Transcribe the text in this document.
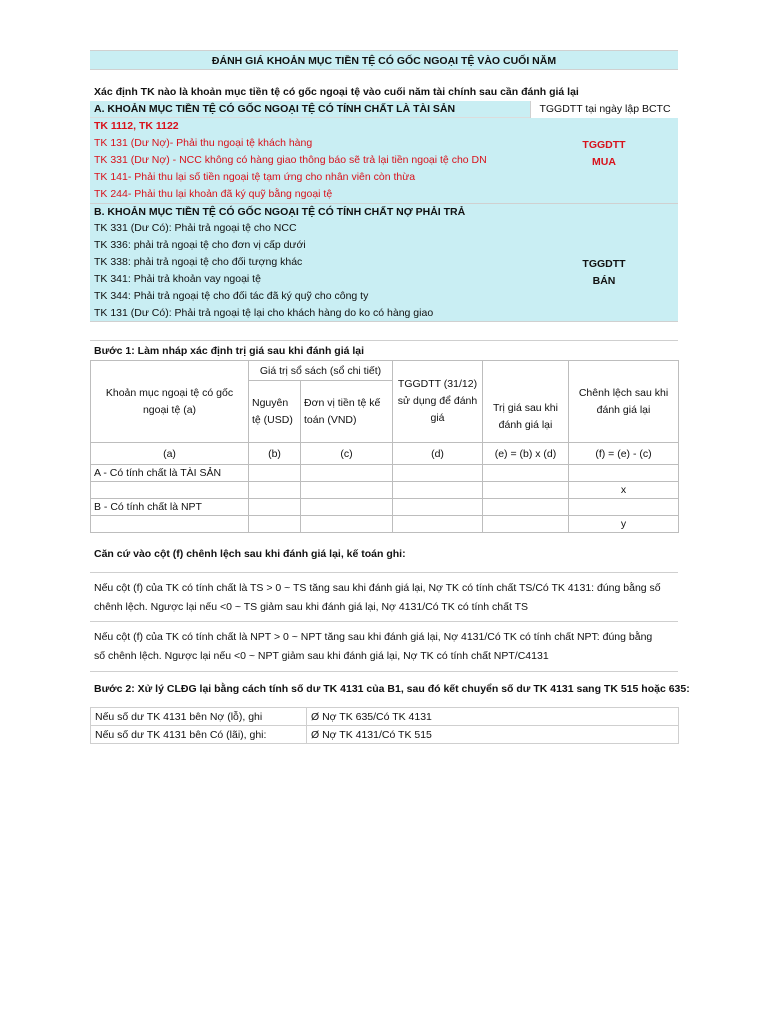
ĐÁNH GIÁ KHOẢN MỤC TIỀN TỆ CÓ GỐC NGOẠI TỆ VÀO CUỐI NĂM
Xác định TK nào là khoản mục tiền tệ có gốc ngoại tệ vào cuối năm tài chính sau cần đánh giá lại
A. KHOẢN MỤC TIỀN TỆ CÓ GỐC NGOẠI TỆ CÓ TÍNH CHẤT LÀ TÀI SẢN	TGGDTT tại ngày lập BCTC
TK 1112, TK 1122
TK 131 (Dư Nợ)- Phải thu ngoại tệ khách hàng
TK 331 (Dư Nợ) - NCC không có hàng giao thông báo sẽ trả lại tiền ngoại tệ cho DN
TK 141- Phải thu lại số tiền ngoại tệ tạm ứng cho nhân viên còn thừa
TK 244- Phải thu lại khoản đã ký quỹ bằng ngoại tệ
TGGDTT
MUA
B. KHOẢN MỤC TIỀN TỆ CÓ GỐC NGOẠI TỆ CÓ TÍNH CHẤT NỢ PHẢI TRẢ
TK 331 (Dư Có): Phải trả ngoại tệ cho NCC
TK 336: phải trả ngoại tệ cho đơn vị cấp dưới
TK 338: phải trả ngoại tệ cho đối tượng khác
TK 341: Phải trả khoản vay ngoại tệ
TK 344: Phải trả ngoại tệ cho đối tác đã ký quỹ cho công ty
TK 131 (Dư Có): Phải trả ngoại tệ lại cho khách hàng do ko có hàng giao
TGGDTT
BÁN
Bước 1: Làm nháp xác định trị giá sau khi đánh giá lại
Khoản mục ngoại tệ có gốc ngoại tệ (a)	Giá trị sổ sách (sổ chi tiết)		TGGDTT (31/12) sử dụng để đánh giá	Trị giá sau khi đánh giá lại	Chênh lệch sau khi đánh giá lại
	Nguyên tệ (USD)	Đơn vị tiền tệ kế toán (VND)			
(a)	(b)	(c)	(d)	(e) = (b) x (d)	(f) = (e) - (c)
A - Có tính chất là TÀI SẢN					
					x
B - Có tính chất là NPT					
					y
Căn cứ vào cột (f) chênh lệch sau khi đánh giá lại, kế toán ghi:
Nếu cột (f) của TK có tính chất là TS > 0 ~ TS tăng sau khi đánh giá lại, Nợ TK có tính chất TS/Có TK 4131: đúng bằng số
chênh lệch. Ngược lại nếu <0 ~ TS giảm sau khi đánh giá lại, Nợ 4131/Có TK có tính chất TS
Nếu cột (f) của TK có tính chất là NPT > 0 ~ NPT tăng sau khi đánh giá lại, Nợ 4131/Có TK có tính chất NPT: đúng bằng
số chênh lệch. Ngược lại nếu <0 ~ NPT giảm sau khi đánh giá lại, Nợ TK có tính chất NPT/C4131
Bước 2: Xử lý CLĐG lại bằng cách tính số dư TK 4131 của B1, sau đó kết chuyển số dư TK 4131 sang TK 515 hoặc 635:
Nếu số dư TK 4131 bên Nợ (lỗ), ghi	Ø Nợ TK 635/Có TK 4131
Nếu số dư TK 4131 bên Có (lãi), ghi:	Ø Nợ TK 4131/Có TK 515
